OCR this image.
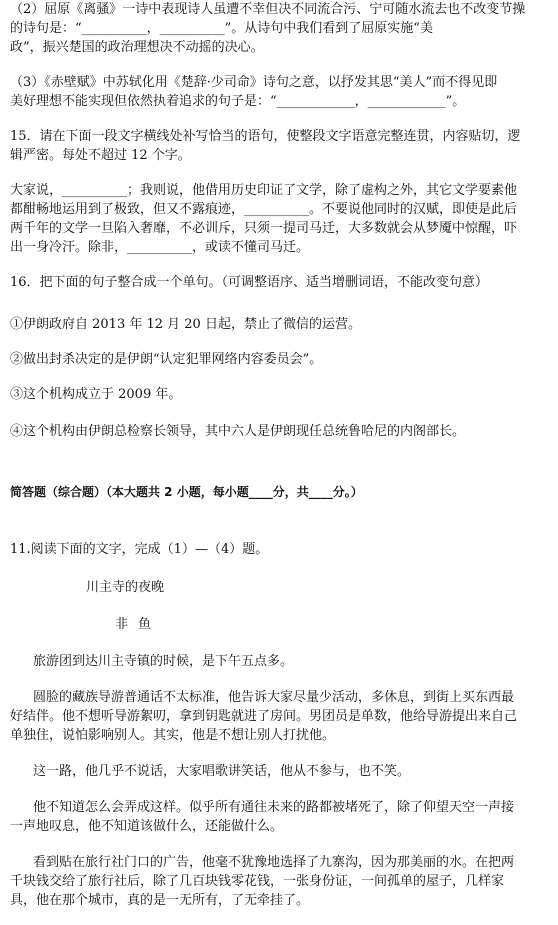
（2）屈原《离骚》一诗中表现诗人虽遭不幸但决不同流合污、宁可随水流去也不改变节操
的诗句是：“__________，__________”。从诗句中我们看到了屈原实施“美
政”，振兴楚国的政治理想决不动摇的决心。
（3）《赤壁赋》中苏轼化用《楚辞·少司命》诗句之意，以抒发其思“美人”而不得见即
美好理想不能实现但依然执着追求的句子是：“____________，____________”。
15．请在下面一段文字横线处补写恰当的语句，使整段文字语意完整连贯，内容贴切，逻
辑严密。每处不超过 12 个字。
大家说，__________；我则说，他借用历史印证了文学，除了虚构之外，其它文学要素他
都酣畅地运用到了极致，但又不露痕迹，__________。不要说他同时的汉赋，即使是此后
两千年的文学一旦陷入奢靡，不必训斥，只须一提司马迁，大多数就会从梦魇中惊醒，吓
出一身冷汗。除非，__________，或读不懂司马迁。
16．把下面的句子整合成一个单句。（可调整语序、适当增删词语，不能改变句意）
①伊朗政府自 2013 年 12 月 20 日起，禁止了微信的运营。
②做出封杀决定的是伊朗“认定犯罪网络内容委员会”。
③这个机构成立于 2009 年。
④这个机构由伊朗总检察长领导，其中六人是伊朗现任总统鲁哈尼的内阁部长。
简答题（综合题）（本大题共 2 小题，每小题____分，共____分。）
11.阅读下面的文字，完成（1）—（4）题。
川主寺的夜晚
非鱼
旅游团到达川主寺镇的时候，是下午五点多。
圆脸的藏族导游普通话不太标准，他告诉大家尽量少活动，多休息，到街上买东西最
好结伴。他不想听导游絮叨，拿到钥匙就进了房间。男团员是单数，他给导游提出来自己
单独住，说怕影响别人。其实，他是不想让别人打扰他。
这一路，他几乎不说话，大家唱歌讲笑话，他从不参与，也不笑。
他不知道怎么会弄成这样。似乎所有通往未来的路都被堵死了，除了仰望天空一声接
一声地叹息，他不知道该做什么，还能做什么。
看到贴在旅行社门口的广告，他毫不犹豫地选择了九寨沟，因为那美丽的水。在把两
千块钱交给了旅行社后，除了几百块钱零花钱，一张身份证，一间孤单的屋子，几样家
具，他在那个城市，真的是一无所有，了无牵挂了。
